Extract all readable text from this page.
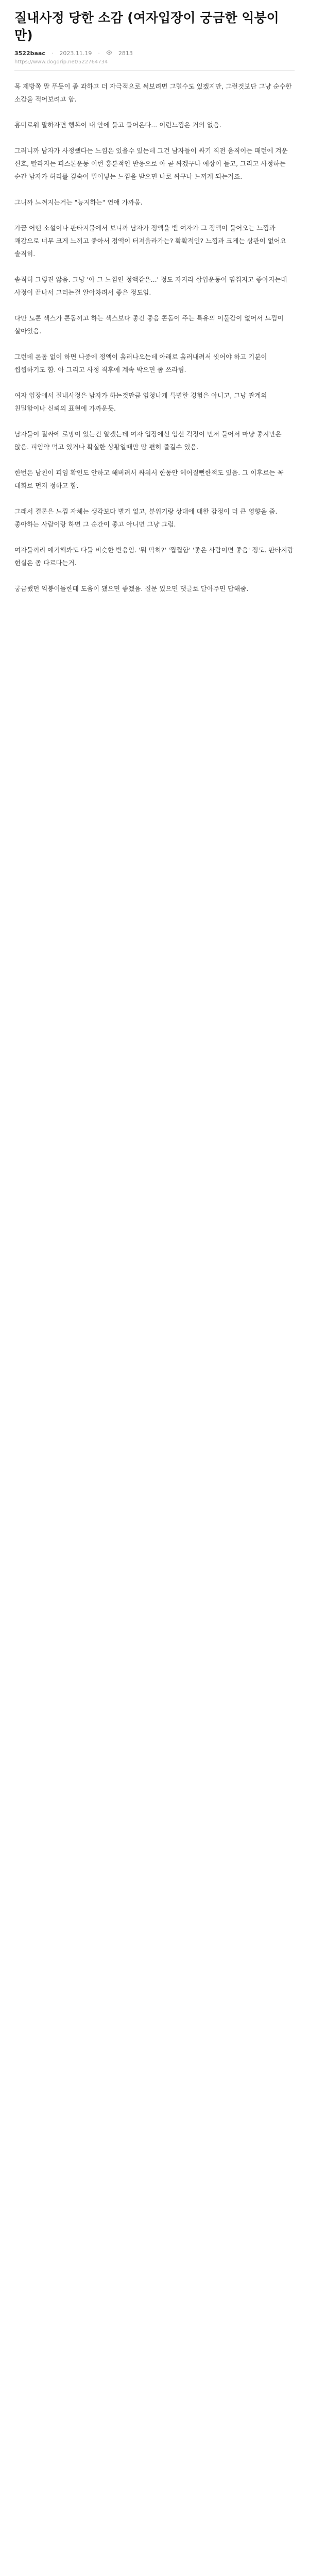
질내사정 당한 소감 (여자입장이 궁금한 익붕이만)
3522baac · 2023.11.19 ·	2813
https://www.dogdrip.net/522764734

목 제방쪽 말 푸듯이 좀 과하고 더 자극적으로 써보려면 그럴수도 있겠지만, 그런것보단 그냥 순수한 소감을 적어보려고 함.

흥미로워 말하자면 행복이 내 안에 들고 들어온다... 이런느낌은 거의 없음.

그러니까 남자가 사정했다는 느낌은 있을수 있는데 그건 남자들이 싸기 직전 움직이는 패턴에 겨운 신호, 빨라지는 피스톤운동 이런 흥분적인 반응으로 아 곧 싸겠구나 예상이 들고, 그리고 사정하는 순간 남자가 허리를 깊숙이 밀어넣는 느낌을 받으면 나로 싸구나 느끼게 되는거죠.

그니까 느껴지는거는 "능지하는" 연애 가까움.

가끔 어떤 소설이나 판타지물에서 보니까 남자가 정액을 뱉 여자가 그 정액이 들어오는 느낌과 쾌감으로 너무 크게 느끼고 좋아서 정액이 터져올라가는? 확확적인? 느낌과 크게는 상관이 없어요 솔직히.

솔직히 그렇진 않음. 그냥 '아 그 느낌인 정액같은...' 정도 자지라 삽입운동이 멈춰지고 좋아지는데 사정이 끝나서 그러는걸 알아차려서 좋은 정도임.

다만 노콘 섹스가 콘돔끼고 하는 섹스보다 좋긴 좋음 콘돔이 주는 특유의 이물감이 없어서 느낌이 살아있음.

그런데 콘돔 없이 하면 나중에 정액이 흘러나오는데 아래로 흘러내려서 씻어야 하고 기분이 찝찝하기도 함. 아 그리고 사정 직후에 계속 박으면 좀 쓰라림.

여자 입장에서 질내사정은 남자가 하는것만큼 엄청나게 특별한 경험은 아니고, 그냥 관계의 친밀함이나 신뢰의 표현에 가까운듯.

남자들이 질싸에 로망이 있는건 알겠는데 여자 입장에선 임신 걱정이 먼저 들어서 마냥 좋지만은 않음. 피임약 먹고 있거나 확실한 상황일때만 맘 편히 즐길수 있음.

한번은 남친이 피임 확인도 안하고 해버려서 싸워서 한동안 헤어질뻔한적도 있음. 그 이후로는 꼭 대화로 먼저 정하고 함.

그래서 결론은 느낌 자체는 생각보다 별거 없고, 분위기랑 상대에 대한 감정이 더 큰 영향을 줌. 좋아하는 사람이랑 하면 그 순간이 좋고 아니면 그냥 그럼.

여자들끼리 얘기해봐도 다들 비슷한 반응임. '뭐 딱히?' '찝찝함' '좋은 사람이면 좋음' 정도. 판타지랑 현실은 좀 다르다는거.

궁금했던 익붕이들한테 도움이 됐으면 좋겠음. 질문 있으면 댓글로 달아주면 답해줌.
